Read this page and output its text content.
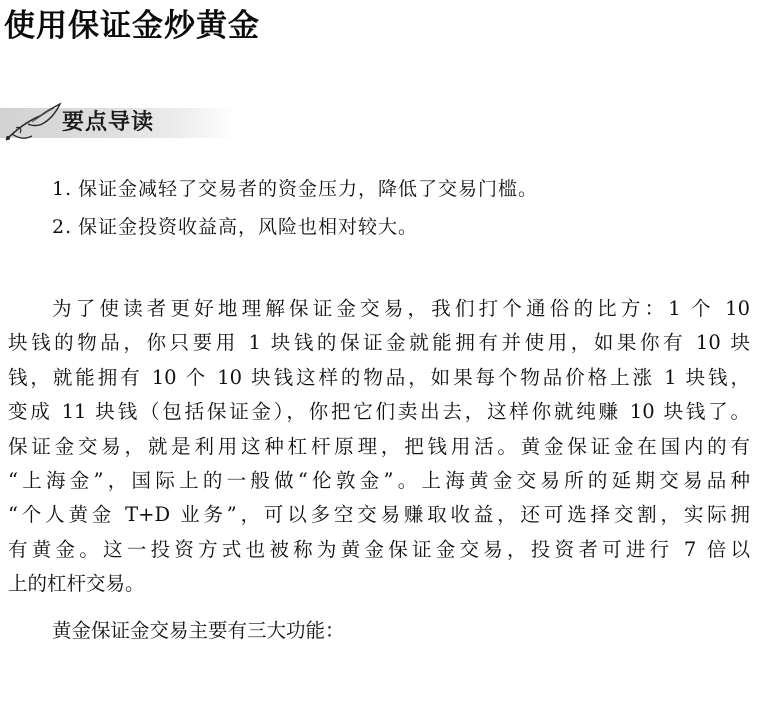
使用保证金炒黄金
要点导读
1. 保证金减轻了交易者的资金压力，降低了交易门槛。
2. 保证金投资收益高，风险也相对较大。
为了使读者更好地理解保证金交易，我们打个通俗的比方：1 个 10
块钱的物品，你只要用 1 块钱的保证金就能拥有并使用，如果你有 10 块
钱，就能拥有 10 个 10 块钱这样的物品，如果每个物品价格上涨 1 块钱，
变成 11 块钱（包括保证金），你把它们卖出去，这样你就纯赚 10 块钱了。
保证金交易，就是利用这种杠杆原理，把钱用活。黄金保证金在国内的有
“上海金”，国际上的一般做“伦敦金”。上海黄金交易所的延期交易品种
“个人黄金 T+D 业务”，可以多空交易赚取收益，还可选择交割，实际拥
有黄金。这一投资方式也被称为黄金保证金交易，投资者可进行 7 倍以
上的杠杆交易。
黄金保证金交易主要有三大功能：
